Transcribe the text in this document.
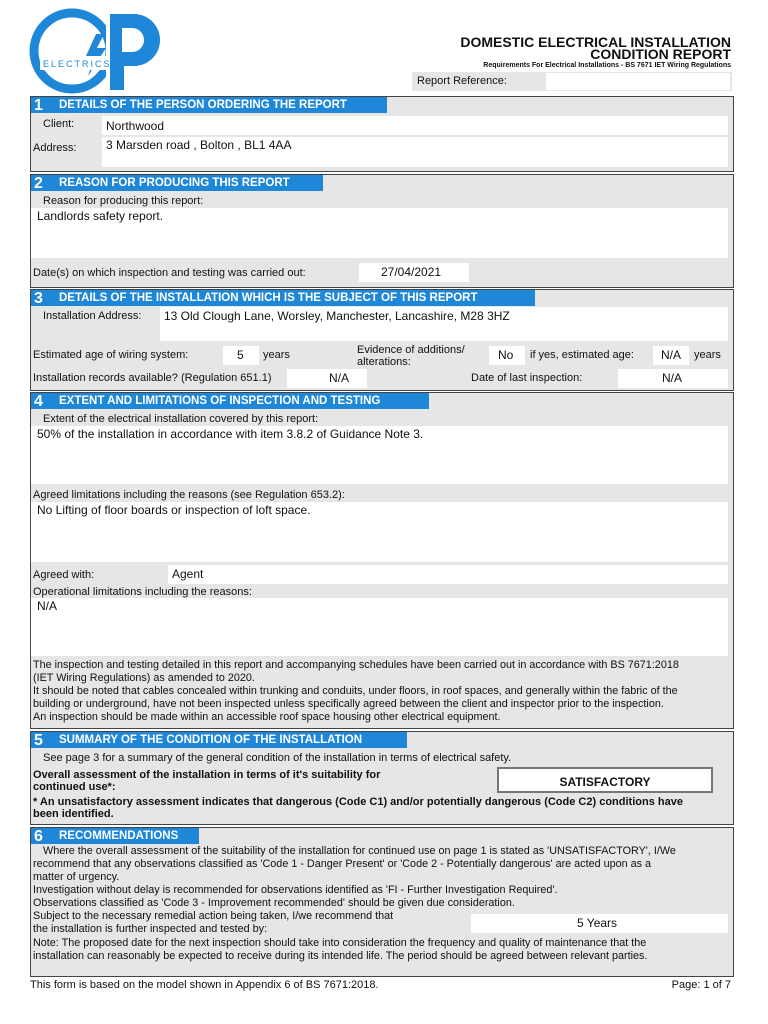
ELECTRICS
DOMESTIC ELECTRICAL INSTALLATION
CONDITION REPORT
Requirements For Electrical Installations - BS 7671 IET Wiring Regulations
Report Reference:
1 DETAILS OF THE PERSON ORDERING THE REPORT
Client:	Northwood
Address: 3 Marsden road , Bolton , BL1 4AA
2 REASON FOR PRODUCING THIS REPORT
Reason for producing this report:
Landlords safety report.
Date(s) on which inspection and testing was carried out:	27/04/2021
3 DETAILS OF THE INSTALLATION WHICH IS THE SUBJECT OF THIS REPORT
Installation Address: 13 Old Clough Lane, Worsley, Manchester, Lancashire, M28 3HZ
Estimated age of wiring system:	5 years	Evidence of additions/
alterations:	No if yes, estimated age: N/A years
Installation records available? (Regulation 651.1)	N/A	Date of last inspection:	N/A
4 EXTENT AND LIMITATIONS OF INSPECTION AND TESTING
Extent of the electrical installation covered by this report:
50% of the installation in accordance with item 3.8.2 of Guidance Note 3.
Agreed limitations including the reasons (see Regulation 653.2):
No Lifting of floor boards or inspection of loft space.
Agreed with:	Agent
Operational limitations including the reasons:
N/A
The inspection and testing detailed in this report and accompanying schedules have been carried out in accordance with BS 7671:2018
(IET Wiring Regulations) as amended to 2020.
It should be noted that cables concealed within trunking and conduits, under floors, in roof spaces, and generally within the fabric of the
building or underground, have not been inspected unless specifically agreed between the client and inspector prior to the inspection.
An inspection should be made within an accessible roof space housing other electrical equipment.
5 SUMMARY OF THE CONDITION OF THE INSTALLATION
See page 3 for a summary of the general condition of the installation in terms of electrical safety.
Overall assessment of the installation in terms of it's suitability for
continued use*:	SATISFACTORY
* An unsatisfactory assessment indicates that dangerous (Code C1) and/or potentially dangerous (Code C2) conditions have
been identified.
6 RECOMMENDATIONS
Where the overall assessment of the suitability of the installation for continued use on page 1 is stated as 'UNSATISFACTORY', I/We
recommend that any observations classified as 'Code 1 - Danger Present' or 'Code 2 - Potentially dangerous' are acted upon as a
matter of urgency.
Investigation without delay is recommended for observations identified as 'FI - Further Investigation Required'.
Observations classified as 'Code 3 - Improvement recommended' should be given due consideration.
Subject to the necessary remedial action being taken, I/we recommend that
the installation is further inspected and tested by:	5 Years
Note: The proposed date for the next inspection should take into consideration the frequency and quality of maintenance that the
installation can reasonably be expected to receive during its intended life. The period should be agreed between relevant parties.
This form is based on the model shown in Appendix 6 of BS 7671:2018.	Page: 1 of 7
